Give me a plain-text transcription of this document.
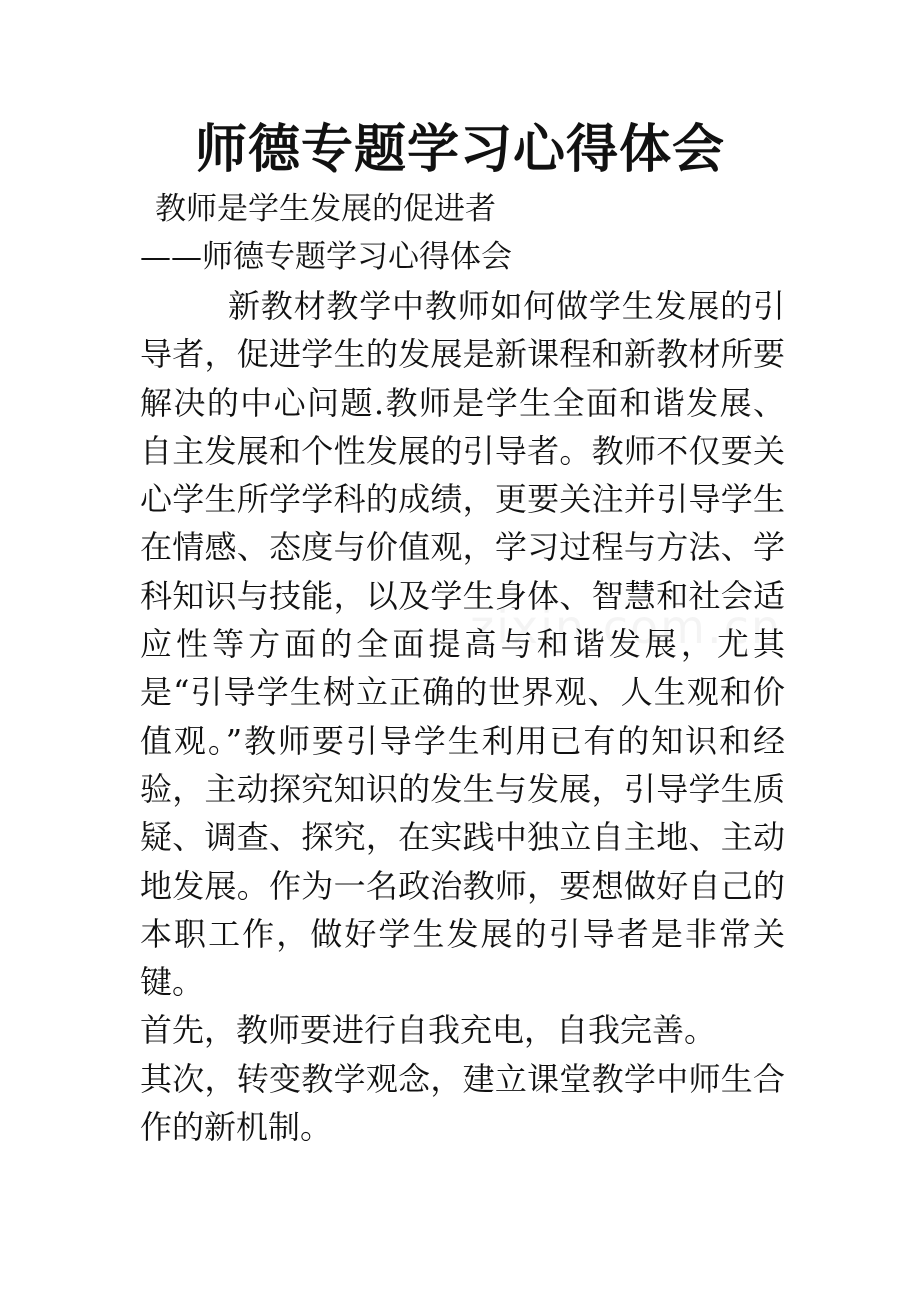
师德专题学习心得体会
教师是学生发展的促进者
——师德专题学习心得体会

新教材教学中教师如何做学生发展的引导者，促进学生的发展是新课程和新教材所要解决的中心问题.教师是学生全面和谐发展、自主发展和个性发展的引导者。教师不仅要关心学生所学学科的成绩，更要关注并引导学生在情感、态度与价值观，学习过程与方法、学科知识与技能，以及学生身体、智慧和社会适应性等方面的全面提高与和谐发展，尤其是“引导学生树立正确的世界观、人生观和价值观。”教师要引导学生利用已有的知识和经验，主动探究知识的发生与发展，引导学生质疑、调查、探究，在实践中独立自主地、主动地发展。作为一名政治教师，要想做好自己的本职工作，做好学生发展的引导者是非常关键。

首先，教师要进行自我充电，自我完善。

其次，转变教学观念，建立课堂教学中师生合作的新机制。
